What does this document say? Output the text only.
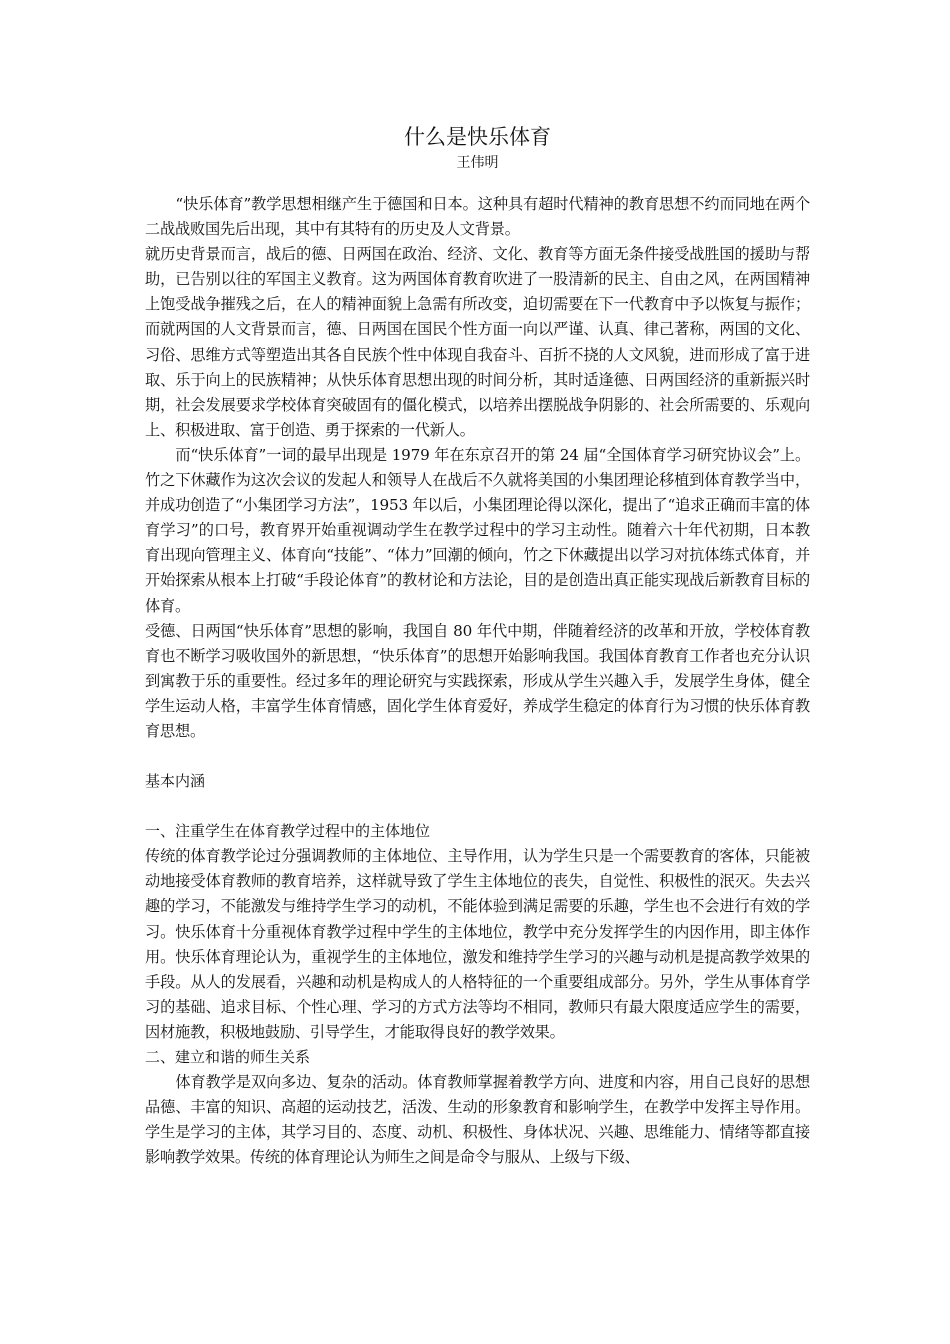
什么是快乐体育

王伟明

“快乐体育”教学思想相继产生于德国和日本。这种具有超时代精神的教育思想不约而同地在两个二战战败国先后出现，其中有其特有的历史及人文背景。

就历史背景而言，战后的德、日两国在政治、经济、文化、教育等方面无条件接受战胜国的援助与帮助，已告别以往的军国主义教育。这为两国体育教育吹进了一股清新的民主、自由之风，在两国精神上饱受战争摧残之后，在人的精神面貌上急需有所改变，迫切需要在下一代教育中予以恢复与振作；而就两国的人文背景而言，德、日两国在国民个性方面一向以严谨、认真、律己著称，两国的文化、习俗、思维方式等塑造出其各自民族个性中体现自我奋斗、百折不挠的人文风貌，进而形成了富于进取、乐于向上的民族精神；从快乐体育思想出现的时间分析，其时适逢德、日两国经济的重新振兴时期，社会发展要求学校体育突破固有的僵化模式，以培养出摆脱战争阴影的、社会所需要的、乐观向上、积极进取、富于创造、勇于探索的一代新人。

而“快乐体育”一词的最早出现是 1979 年在东京召开的第 24 届“全国体育学习研究协议会”上。竹之下休藏作为这次会议的发起人和领导人在战后不久就将美国的小集团理论移植到体育教学当中，并成功创造了“小集团学习方法”，1953 年以后，小集团理论得以深化，提出了“追求正确而丰富的体育学习”的口号，教育界开始重视调动学生在教学过程中的学习主动性。随着六十年代初期，日本教育出现向管理主义、体育向“技能”、“体力”回潮的倾向，竹之下休藏提出以学习对抗体练式体育，并开始探索从根本上打破“手段论体育”的教材论和方法论，目的是创造出真正能实现战后新教育目标的体育。

受德、日两国“快乐体育”思想的影响，我国自 80 年代中期，伴随着经济的改革和开放，学校体育教育也不断学习吸收国外的新思想，“快乐体育”的思想开始影响我国。我国体育教育工作者也充分认识到寓教于乐的重要性。经过多年的理论研究与实践探索，形成从学生兴趣入手，发展学生身体，健全学生运动人格，丰富学生体育情感，固化学生体育爱好，养成学生稳定的体育行为习惯的快乐体育教育思想。

基本内涵

一、注重学生在体育教学过程中的主体地位

传统的体育教学论过分强调教师的主体地位、主导作用，认为学生只是一个需要教育的客体，只能被动地接受体育教师的教育培养，这样就导致了学生主体地位的丧失，自觉性、积极性的泯灭。失去兴趣的学习，不能激发与维持学生学习的动机，不能体验到满足需要的乐趣，学生也不会进行有效的学习。快乐体育十分重视体育教学过程中学生的主体地位，教学中充分发挥学生的内因作用，即主体作用。快乐体育理论认为，重视学生的主体地位，激发和维持学生学习的兴趣与动机是提高教学效果的手段。从人的发展看，兴趣和动机是构成人的人格特征的一个重要组成部分。另外，学生从事体育学习的基础、追求目标、个性心理、学习的方式方法等均不相同，教师只有最大限度适应学生的需要，因材施教，积极地鼓励、引导学生，才能取得良好的教学效果。

二、建立和谐的师生关系

体育教学是双向多边、复杂的活动。体育教师掌握着教学方向、进度和内容，用自己良好的思想品德、丰富的知识、高超的运动技艺，活泼、生动的形象教育和影响学生，在教学中发挥主导作用。学生是学习的主体，其学习目的、态度、动机、积极性、身体状况、兴趣、思维能力、情绪等都直接影响教学效果。传统的体育理论认为师生之间是命令与服从、上级与下级、
